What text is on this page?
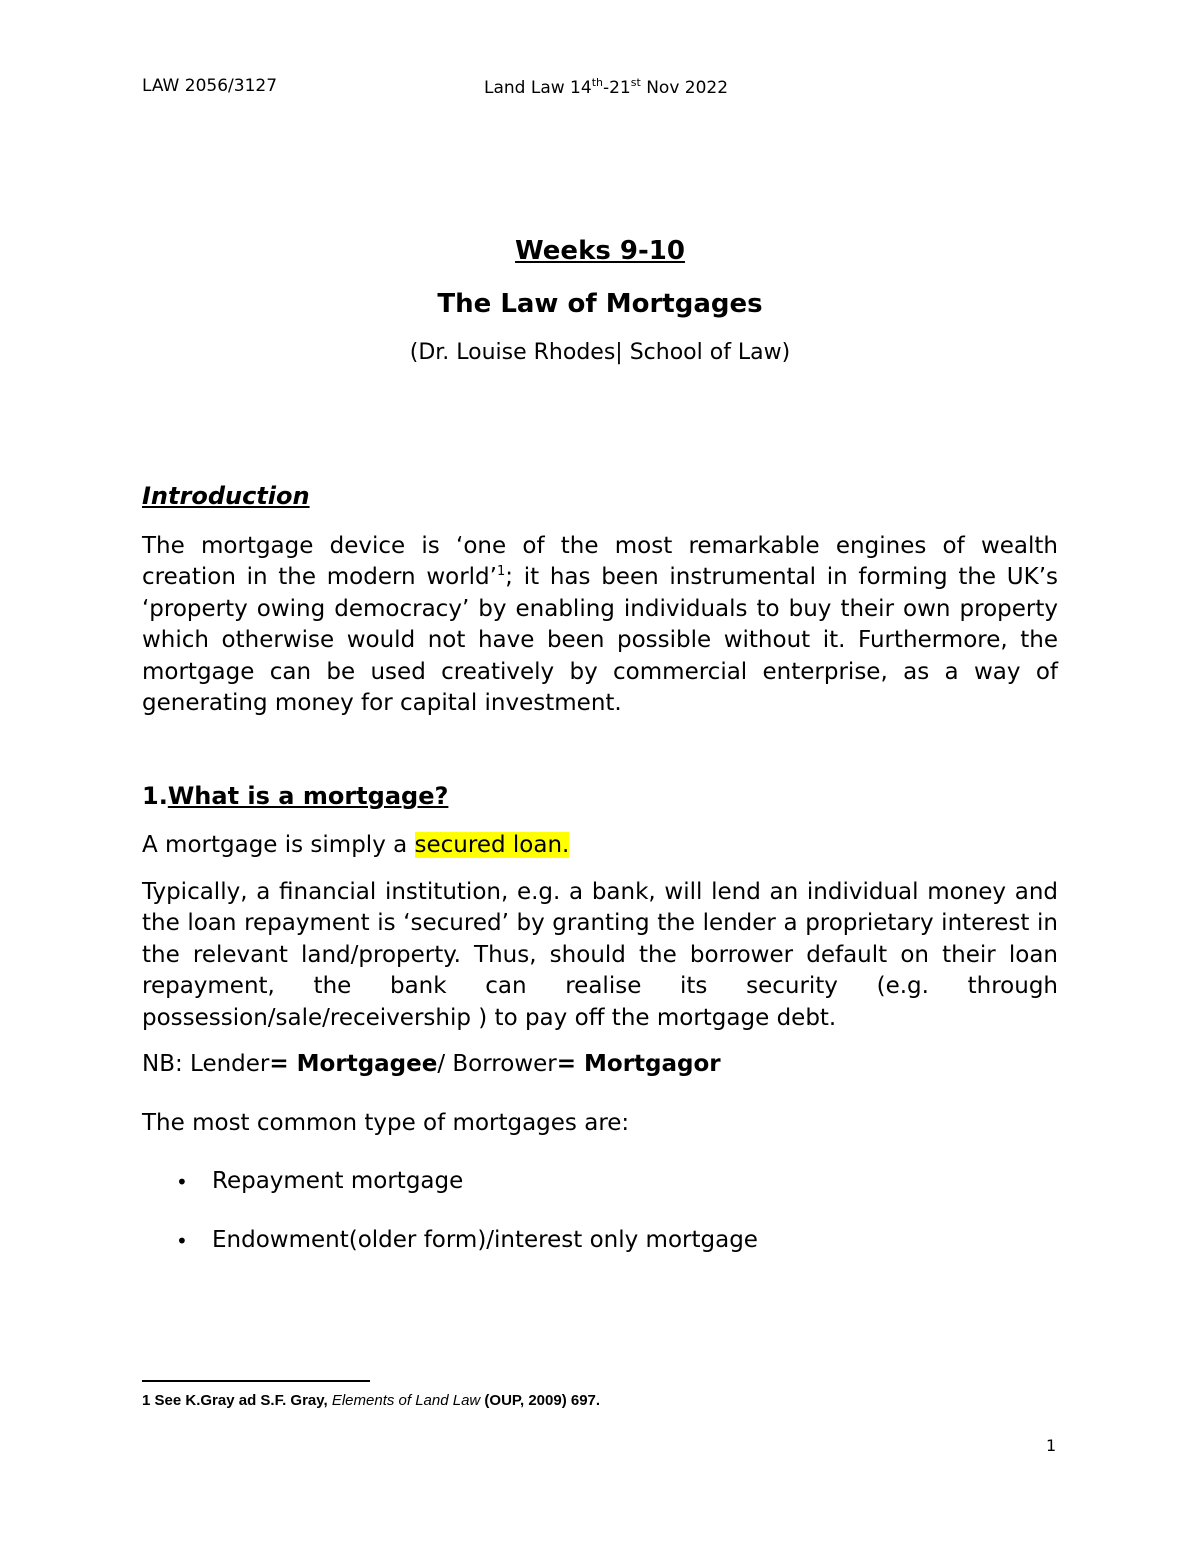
LAW 2056/3127	Land Law 14th-21st Nov 2022
Weeks 9-10
The Law of Mortgages
(Dr. Louise Rhodes| School of Law)
Introduction
The mortgage device is ‘one of the most remarkable engines of wealth creation in the modern world’$^1$; it has been instrumental in forming the UK’s ‘property owing democracy’ by enabling individuals to buy their own property which otherwise would not have been possible without it. Furthermore, the mortgage can be used creatively by commercial enterprise, as a way of generating money for capital investment.
1.What is a mortgage?
A mortgage is simply a secured loan.
Typically, a financial institution, e.g. a bank, will lend an individual money and the loan repayment is ‘secured’ by granting the lender a proprietary interest in the relevant land/property. Thus, should the borrower default on their loan repayment, the bank can realise its security (e.g. through possession/sale/receivership ) to pay off the mortgage debt.
NB: Lender= Mortgagee/ Borrower= Mortgagor
The most common type of mortgages are:
• Repayment mortgage
• Endowment(older form)/interest only mortgage
1 See K.Gray ad S.F. Gray, Elements of Land Law (OUP, 2009) 697.
1
